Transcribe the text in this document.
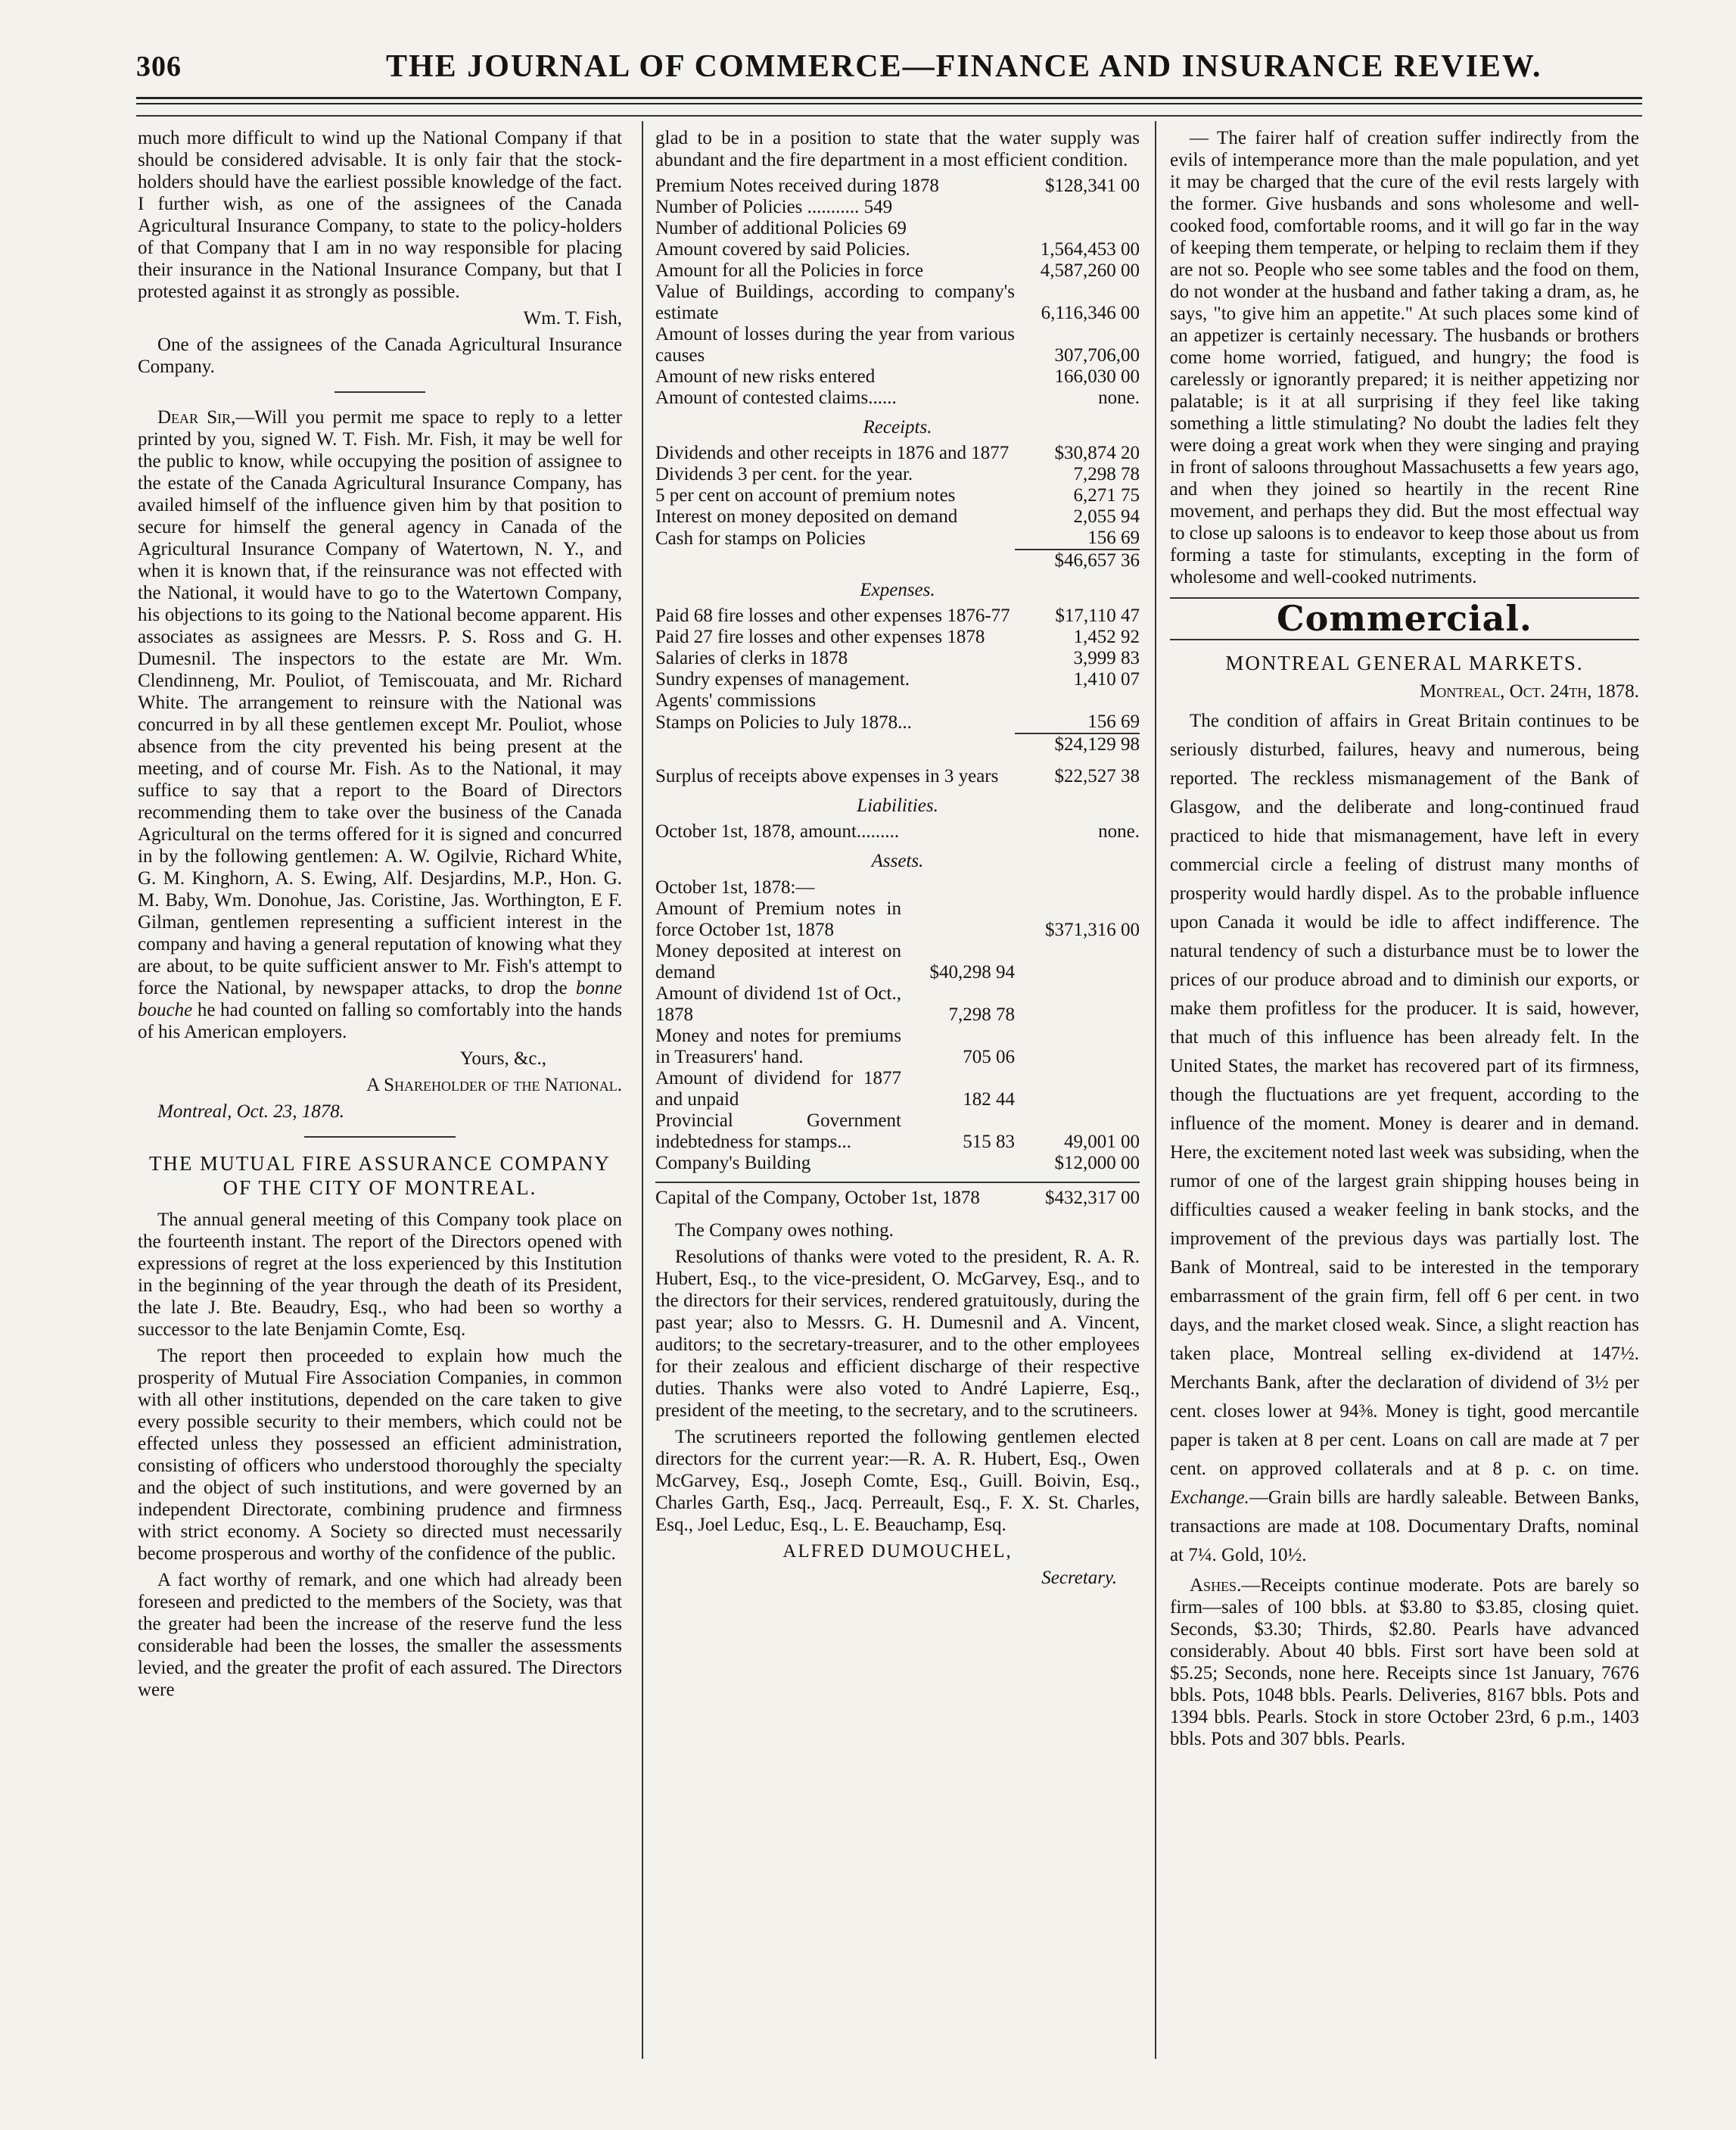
306	THE JOURNAL OF COMMERCE—FINANCE AND INSURANCE REVIEW.

much more difficult to wind up the National Company if that should be considered advisable. It is only fair that the stock-holders should have the earliest possible knowledge of the fact. I further wish, as one of the assignees of the Canada Agricultural Insurance Company, to state to the policy-holders of that Company that I am in no way responsible for placing their insurance in the National Insurance Company, but that I protested against it as strongly as possible.

Wm. T. Fish,

One of the assignees of the Canada Agricultural Insurance Company.

Dear Sir,—Will you permit me space to reply to a letter printed by you, signed W. T. Fish. Mr. Fish, it may be well for the public to know, while occupying the position of assignee to the estate of the Canada Agricultural Insurance Company, has availed himself of the influence given him by that position to secure for himself the general agency in Canada of the Agricultural Insurance Company of Watertown, N. Y., and when it is known that, if the reinsurance was not effected with the National, it would have to go to the Watertown Company, his objections to its going to the National become apparent. His associates as assignees are Messrs. P. S. Ross and G. H. Dumesnil. The inspectors to the estate are Mr. Wm. Clendinneng, Mr. Pouliot, of Temiscouata, and Mr. Richard White. The arrangement to reinsure with the National was concurred in by all these gentlemen except Mr. Pouliot, whose absence from the city prevented his being present at the meeting, and of course Mr. Fish. As to the National, it may suffice to say that a report to the Board of Directors recommending them to take over the business of the Canada Agricultural on the terms offered for it is signed and concurred in by the following gentlemen: A. W. Ogilvie, Richard White, G. M. Kinghorn, A. S. Ewing, Alf. Desjardins, M.P., Hon. G. M. Baby, Wm. Donohue, Jas. Coristine, Jas. Worthington, E F. Gilman, gentlemen representing a sufficient interest in the company and having a general reputation of knowing what they are about, to be quite sufficient answer to Mr. Fish's attempt to force the National, by newspaper attacks, to drop the bonne bouche he had counted on falling so comfortably into the hands of his American employers.

Yours, &c.,

A Shareholder of the National.

Montreal, Oct. 23, 1878.

THE MUTUAL FIRE ASSURANCE COMPANY OF THE CITY OF MONTREAL.

The annual general meeting of this Company took place on the fourteenth instant. The report of the Directors opened with expressions of regret at the loss experienced by this Institution in the beginning of the year through the death of its President, the late J. Bte. Beaudry, Esq., who had been so worthy a successor to the late Benjamin Comte, Esq.

The report then proceeded to explain how much the prosperity of Mutual Fire Association Companies, in common with all other institutions, depended on the care taken to give every possible security to their members, which could not be effected unless they possessed an efficient administration, consisting of officers who understood thoroughly the specialty and the object of such institutions, and were governed by an independent Directorate, combining prudence and firmness with strict economy. A Society so directed must necessarily become prosperous and worthy of the confidence of the public.

A fact worthy of remark, and one which had already been foreseen and predicted to the members of the Society, was that the greater had been the increase of the reserve fund the less considerable had been the losses, the smaller the assessments levied, and the greater the profit of each assured. The Directors were

glad to be in a position to state that the water supply was abundant and the fire department in a most efficient condition.

Premium Notes received during 1878	$128,341 00
Number of Policies ........... 549	
Number of additional Policies 69	
Amount covered by said Policies.	1,564,453 00
Amount for all the Policies in force	4,587,260 00
Value of Buildings, according to company's estimate	6,116,346 00
Amount of losses during the year from various causes	307,706,00
Amount of new risks entered	166,030 00
Amount of contested claims......	none.
Receipts.
Dividends and other receipts in 1876 and 1877	$30,874 20
Dividends 3 per cent. for the year.	7,298 78
5 per cent on account of premium notes	6,271 75
Interest on money deposited on demand	2,055 94
Cash for stamps on Policies	156 69
	$46,657 36
Expenses.
Paid 68 fire losses and other expenses 1876-77	$17,110 47
Paid 27 fire losses and other expenses 1878	1,452 92
Salaries of clerks in 1878	3,999 83
Sundry expenses of management.	1,410 07
Agents' commissions	
Stamps on Policies to July 1878...	156 69
	$24,129 98
Surplus of receipts above expenses in 3 years	$22,527 38
Liabilities.
October 1st, 1878, amount.........	none.
Assets.

October 1st, 1878:—

Amount of Premium notes in force October 1st, 1878		$371,316 00
Money deposited at interest on demand	$40,298 94	
Amount of dividend 1st of Oct., 1878	7,298 78	
Money and notes for premiums in Treasurers' hand.	705 06	
Amount of dividend for 1877 and unpaid	182 44	
Provincial Government indebtedness for stamps...	515 83	49,001 00
Company's Building		$12,000 00
Capital of the Company, October 1st, 1878	$432,317 00

The Company owes nothing.

Resolutions of thanks were voted to the president, R. A. R. Hubert, Esq., to the vice-president, O. McGarvey, Esq., and to the directors for their services, rendered gratuitously, during the past year; also to Messrs. G. H. Dumesnil and A. Vincent, auditors; to the secretary-treasurer, and to the other employees for their zealous and efficient discharge of their respective duties. Thanks were also voted to André Lapierre, Esq., president of the meeting, to the secretary, and to the scrutineers.

The scrutineers reported the following gentlemen elected directors for the current year:—R. A. R. Hubert, Esq., Owen McGarvey, Esq., Joseph Comte, Esq., Guill. Boivin, Esq., Charles Garth, Esq., Jacq. Perreault, Esq., F. X. St. Charles, Esq., Joel Leduc, Esq., L. E. Beauchamp, Esq.

ALFRED DUMOUCHEL,

Secretary.

— The fairer half of creation suffer indirectly from the evils of intemperance more than the male population, and yet it may be charged that the cure of the evil rests largely with the former. Give husbands and sons wholesome and well-cooked food, comfortable rooms, and it will go far in the way of keeping them temperate, or helping to reclaim them if they are not so. People who see some tables and the food on them, do not wonder at the husband and father taking a dram, as, he says, "to give him an appetite." At such places some kind of an appetizer is certainly necessary. The husbands or brothers come home worried, fatigued, and hungry; the food is carelessly or ignorantly prepared; it is neither appetizing nor palatable; is it at all surprising if they feel like taking something a little stimulating? No doubt the ladies felt they were doing a great work when they were singing and praying in front of saloons throughout Massachusetts a few years ago, and when they joined so heartily in the recent Rine movement, and perhaps they did. But the most effectual way to close up saloons is to endeavor to keep those about us from forming a taste for stimulants, excepting in the form of wholesome and well-cooked nutriments.

Commercial.
MONTREAL GENERAL MARKETS.

Montreal, Oct. 24th, 1878.

The condition of affairs in Great Britain continues to be seriously disturbed, failures, heavy and numerous, being reported. The reckless mismanagement of the Bank of Glasgow, and the deliberate and long-continued fraud practiced to hide that mismanagement, have left in every commercial circle a feeling of distrust many months of prosperity would hardly dispel. As to the probable influence upon Canada it would be idle to affect indifference. The natural tendency of such a disturbance must be to lower the prices of our produce abroad and to diminish our exports, or make them profitless for the producer. It is said, however, that much of this influence has been already felt. In the United States, the market has recovered part of its firmness, though the fluctuations are yet frequent, according to the influence of the moment. Money is dearer and in demand. Here, the excitement noted last week was subsiding, when the rumor of one of the largest grain shipping houses being in difficulties caused a weaker feeling in bank stocks, and the improvement of the previous days was partially lost. The Bank of Montreal, said to be interested in the temporary embarrassment of the grain firm, fell off 6 per cent. in two days, and the market closed weak. Since, a slight reaction has taken place, Montreal selling ex-dividend at 147½. Merchants Bank, after the declaration of dividend of 3½ per cent. closes lower at 94⅜. Money is tight, good mercantile paper is taken at 8 per cent. Loans on call are made at 7 per cent. on approved collaterals and at 8 p. c. on time. Exchange.—Grain bills are hardly saleable. Between Banks, transactions are made at 108. Documentary Drafts, nominal at 7¼. Gold, 10½.

Ashes.—Receipts continue moderate. Pots are barely so firm—sales of 100 bbls. at $3.80 to $3.85, closing quiet. Seconds, $3.30; Thirds, $2.80. Pearls have advanced considerably. About 40 bbls. First sort have been sold at $5.25; Seconds, none here. Receipts since 1st January, 7676 bbls. Pots, 1048 bbls. Pearls. Deliveries, 8167 bbls. Pots and 1394 bbls. Pearls. Stock in store October 23rd, 6 p.m., 1403 bbls. Pots and 307 bbls. Pearls.
